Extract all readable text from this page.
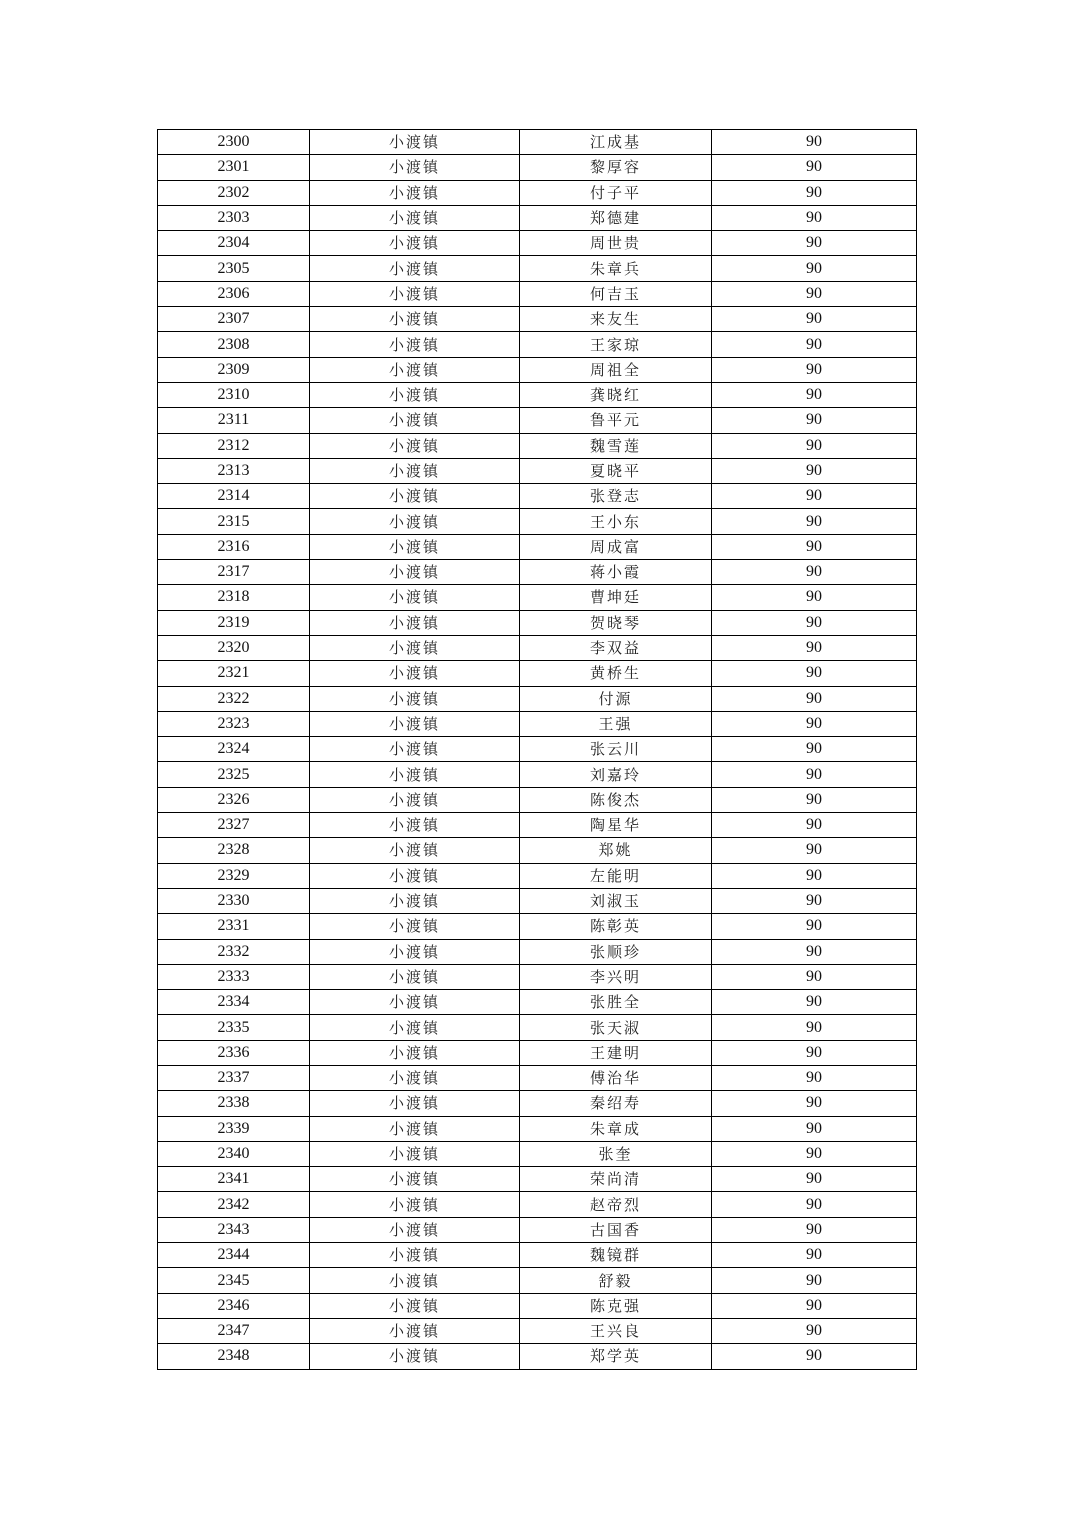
2300	小渡镇	江成基	90
2301	小渡镇	黎厚容	90
2302	小渡镇	付子平	90
2303	小渡镇	郑德建	90
2304	小渡镇	周世贵	90
2305	小渡镇	朱章兵	90
2306	小渡镇	何吉玉	90
2307	小渡镇	来友生	90
2308	小渡镇	王家琼	90
2309	小渡镇	周祖全	90
2310	小渡镇	龚晓红	90
2311	小渡镇	鲁平元	90
2312	小渡镇	魏雪莲	90
2313	小渡镇	夏晓平	90
2314	小渡镇	张登志	90
2315	小渡镇	王小东	90
2316	小渡镇	周成富	90
2317	小渡镇	蒋小霞	90
2318	小渡镇	曹坤廷	90
2319	小渡镇	贺晓琴	90
2320	小渡镇	李双益	90
2321	小渡镇	黄桥生	90
2322	小渡镇	付源	90
2323	小渡镇	王强	90
2324	小渡镇	张云川	90
2325	小渡镇	刘嘉玲	90
2326	小渡镇	陈俊杰	90
2327	小渡镇	陶星华	90
2328	小渡镇	郑姚	90
2329	小渡镇	左能明	90
2330	小渡镇	刘淑玉	90
2331	小渡镇	陈彰英	90
2332	小渡镇	张顺珍	90
2333	小渡镇	李兴明	90
2334	小渡镇	张胜全	90
2335	小渡镇	张天淑	90
2336	小渡镇	王建明	90
2337	小渡镇	傅治华	90
2338	小渡镇	秦绍寿	90
2339	小渡镇	朱章成	90
2340	小渡镇	张奎	90
2341	小渡镇	荣尚清	90
2342	小渡镇	赵帝烈	90
2343	小渡镇	古国香	90
2344	小渡镇	魏镜群	90
2345	小渡镇	舒毅	90
2346	小渡镇	陈克强	90
2347	小渡镇	王兴良	90
2348	小渡镇	郑学英	90
